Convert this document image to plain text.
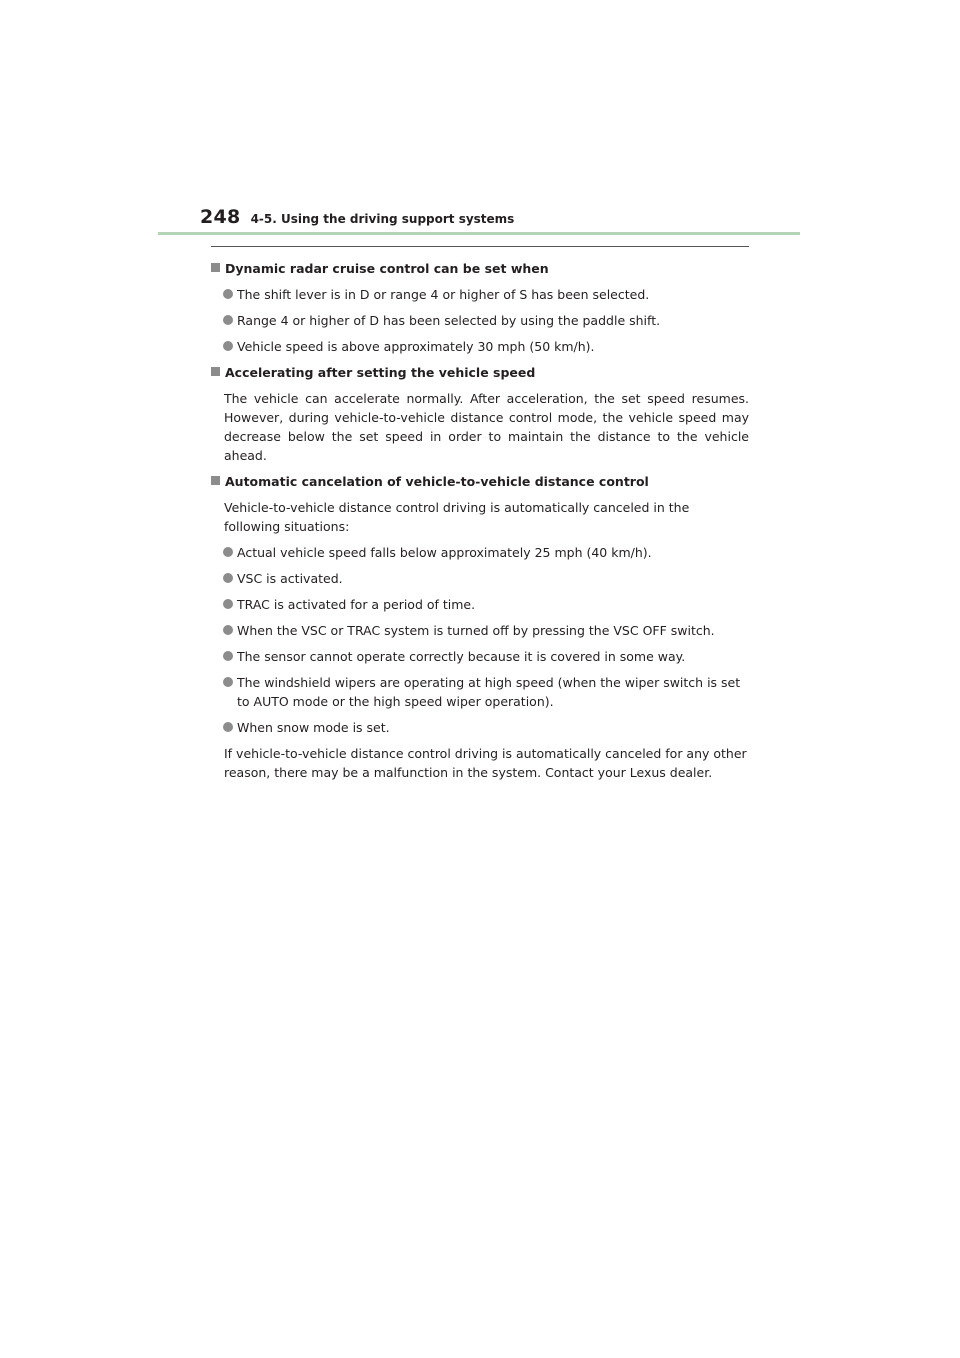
248 4-5. Using the driving support systems
Dynamic radar cruise control can be set when
The shift lever is in D or range 4 or higher of S has been selected.
Range 4 or higher of D has been selected by using the paddle shift.
Vehicle speed is above approximately 30 mph (50 km/h).
Accelerating after setting the vehicle speed
The vehicle can accelerate normally. After acceleration, the set speed resumes. However, during vehicle-to-vehicle distance control mode, the vehicle speed may decrease below the set speed in order to maintain the distance to the vehicle ahead.
Automatic cancelation of vehicle-to-vehicle distance control
Vehicle-to-vehicle distance control driving is automatically canceled in the following situations:
Actual vehicle speed falls below approximately 25 mph (40 km/h).
VSC is activated.
TRAC is activated for a period of time.
When the VSC or TRAC system is turned off by pressing the VSC OFF switch.
The sensor cannot operate correctly because it is covered in some way.
The windshield wipers are operating at high speed (when the wiper switch is set to AUTO mode or the high speed wiper operation).
When snow mode is set.
If vehicle-to-vehicle distance control driving is automatically canceled for any other reason, there may be a malfunction in the system. Contact your Lexus dealer.
